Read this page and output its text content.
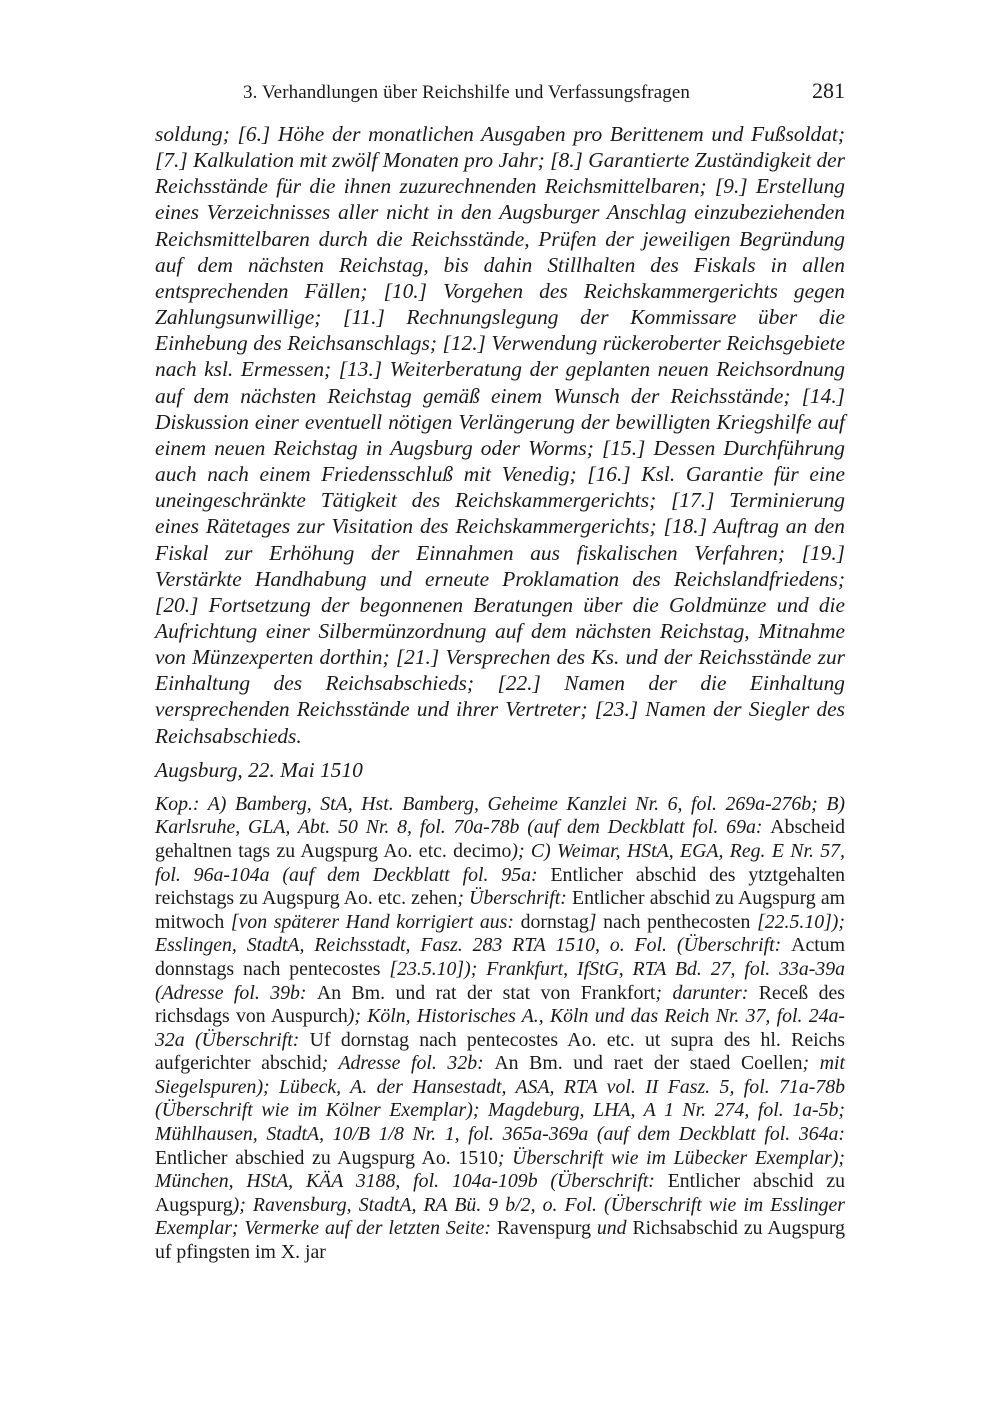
3. Verhandlungen über Reichshilfe und Verfassungsfragen	281

soldung; [6.] Höhe der monatlichen Ausgaben pro Berittenem und Fußsoldat; [7.] Kalkulation mit zwölf Monaten pro Jahr; [8.] Garantierte Zuständigkeit der Reichsstände für die ihnen zuzurechnenden Reichsmittelbaren; [9.] Erstellung eines Verzeichnisses aller nicht in den Augsburger Anschlag einzubeziehenden Reichsmittelbaren durch die Reichsstände, Prüfen der jeweiligen Begründung auf dem nächsten Reichstag, bis dahin Stillhalten des Fiskals in allen entsprechenden Fällen; [10.] Vorgehen des Reichskammergerichts gegen Zahlungsunwillige; [11.] Rechnungslegung der Kommissare über die Einhebung des Reichsanschlags; [12.] Verwendung rückeroberter Reichsgebiete nach ksl. Ermessen; [13.] Weiterberatung der geplanten neuen Reichsordnung auf dem nächsten Reichstag gemäß einem Wunsch der Reichsstände; [14.] Diskussion einer eventuell nötigen Verlängerung der bewilligten Kriegshilfe auf einem neuen Reichstag in Augsburg oder Worms; [15.] Dessen Durchführung auch nach einem Friedensschluß mit Venedig; [16.] Ksl. Garantie für eine uneingeschränkte Tätigkeit des Reichskammergerichts; [17.] Terminierung eines Rätetages zur Visitation des Reichskammergerichts; [18.] Auftrag an den Fiskal zur Erhöhung der Einnahmen aus fiskalischen Verfahren; [19.] Verstärkte Handhabung und erneute Proklamation des Reichslandfriedens; [20.] Fortsetzung der begonnenen Beratungen über die Goldmünze und die Aufrichtung einer Silbermünzordnung auf dem nächsten Reichstag, Mitnahme von Münzexperten dorthin; [21.] Versprechen des Ks. und der Reichsstände zur Einhaltung des Reichsabschieds; [22.] Namen der die Einhaltung versprechenden Reichsstände und ihrer Vertreter; [23.] Namen der Siegler des Reichsabschieds.

Augsburg, 22. Mai 1510

Kop.: A) Bamberg, StA, Hst. Bamberg, Geheime Kanzlei Nr. 6, fol. 269a-276b; B) Karlsruhe, GLA, Abt. 50 Nr. 8, fol. 70a-78b (auf dem Deckblatt fol. 69a: Abscheid gehaltnen tags zu Augspurg Ao. etc. decimo); C) Weimar, HStA, EGA, Reg. E Nr. 57, fol. 96a-104a (auf dem Deckblatt fol. 95a: Entlicher abschid des ytztgehalten reichstags zu Augspurg Ao. etc. zehen; Überschrift: Entlicher abschid zu Augspurg am mitwoch [von späterer Hand korrigiert aus: dornstag] nach penthecosten [22.5.10]); Esslingen, StadtA, Reichsstadt, Fasz. 283 RTA 1510, o. Fol. (Überschrift: Actum donnstags nach pentecostes [23.5.10]); Frankfurt, IfStG, RTA Bd. 27, fol. 33a-39a (Adresse fol. 39b: An Bm. und rat der stat von Frankfort; darunter: Receß des richsdags von Auspurch); Köln, Historisches A., Köln und das Reich Nr. 37, fol. 24a-32a (Überschrift: Uf dornstag nach pentecostes Ao. etc. ut supra des hl. Reichs aufgerichter abschid; Adresse fol. 32b: An Bm. und raet der staed Coellen; mit Siegelspuren); Lübeck, A. der Hansestadt, ASA, RTA vol. II Fasz. 5, fol. 71a-78b (Überschrift wie im Kölner Exemplar); Magdeburg, LHA, A 1 Nr. 274, fol. 1a-5b; Mühlhausen, StadtA, 10/B 1/8 Nr. 1, fol. 365a-369a (auf dem Deckblatt fol. 364a: Entlicher abschied zu Augspurg Ao. 1510; Überschrift wie im Lübecker Exemplar); München, HStA, KÄA 3188, fol. 104a-109b (Überschrift: Entlicher abschid zu Augspurg); Ravensburg, StadtA, RA Bü. 9 b/2, o. Fol. (Überschrift wie im Esslinger Exemplar; Vermerke auf der letzten Seite: Ravenspurg und Richsabschid zu Augspurg uf pfingsten im X. jar
